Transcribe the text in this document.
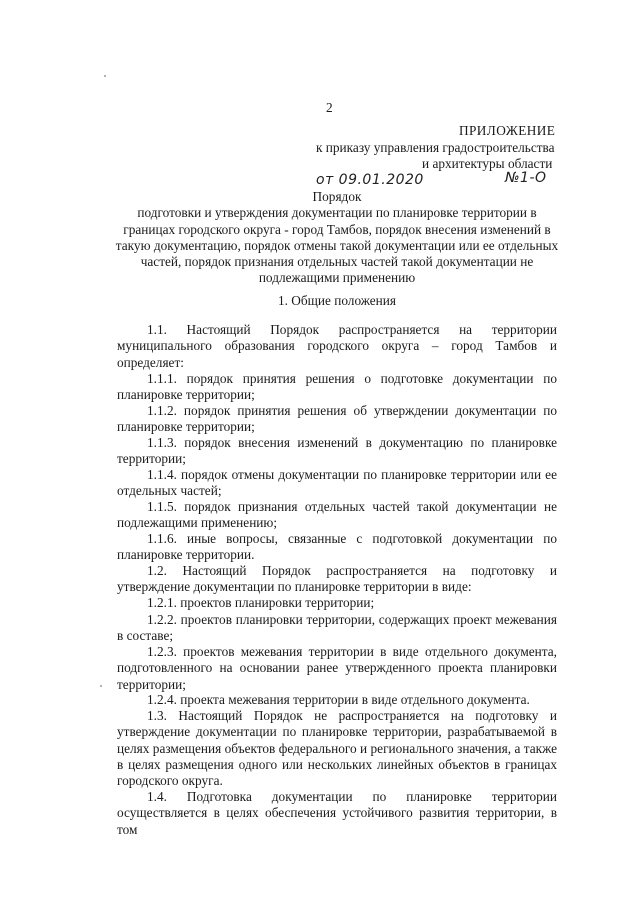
2
ПРИЛОЖЕНИЕ
к приказу управления градостроительства
и архитектуры области
от 09.01.2020	№1-О
Порядок
подготовки и утверждения документации по планировке территории в
границах городского округа - город Тамбов, порядок внесения изменений в
такую документацию, порядок отмены такой документации или ее отдельных
частей, порядок признания отдельных частей такой документации не
подлежащими применению
1. Общие положения
1.1. Настоящий Порядок распространяется на территории муниципального образования городского округа – город Тамбов и определяет:
1.1.1. порядок принятия решения о подготовке документации по планировке территории;
1.1.2. порядок принятия решения об утверждении документации по планировке территории;
1.1.3. порядок внесения изменений в документацию по планировке территории;
1.1.4. порядок отмены документации по планировке территории или ее отдельных частей;
1.1.5. порядок признания отдельных частей такой документации не подлежащими применению;
1.1.6. иные вопросы, связанные с подготовкой документации по планировке территории.
1.2. Настоящий Порядок распространяется на подготовку и утверждение документации по планировке территории в виде:
1.2.1. проектов планировки территории;
1.2.2. проектов планировки территории, содержащих проект межевания в составе;
1.2.3. проектов межевания территории в виде отдельного документа, подготовленного на основании ранее утвержденного проекта планировки территории;
1.2.4. проекта межевания территории в виде отдельного документа.
1.3. Настоящий Порядок не распространяется на подготовку и утверждение документации по планировке территории, разрабатываемой в целях размещения объектов федерального и регионального значения, а также в целях размещения одного или нескольких линейных объектов в границах городского округа.
1.4. Подготовка документации по планировке территории осуществляется в целях обеспечения устойчивого развития территории, в том
